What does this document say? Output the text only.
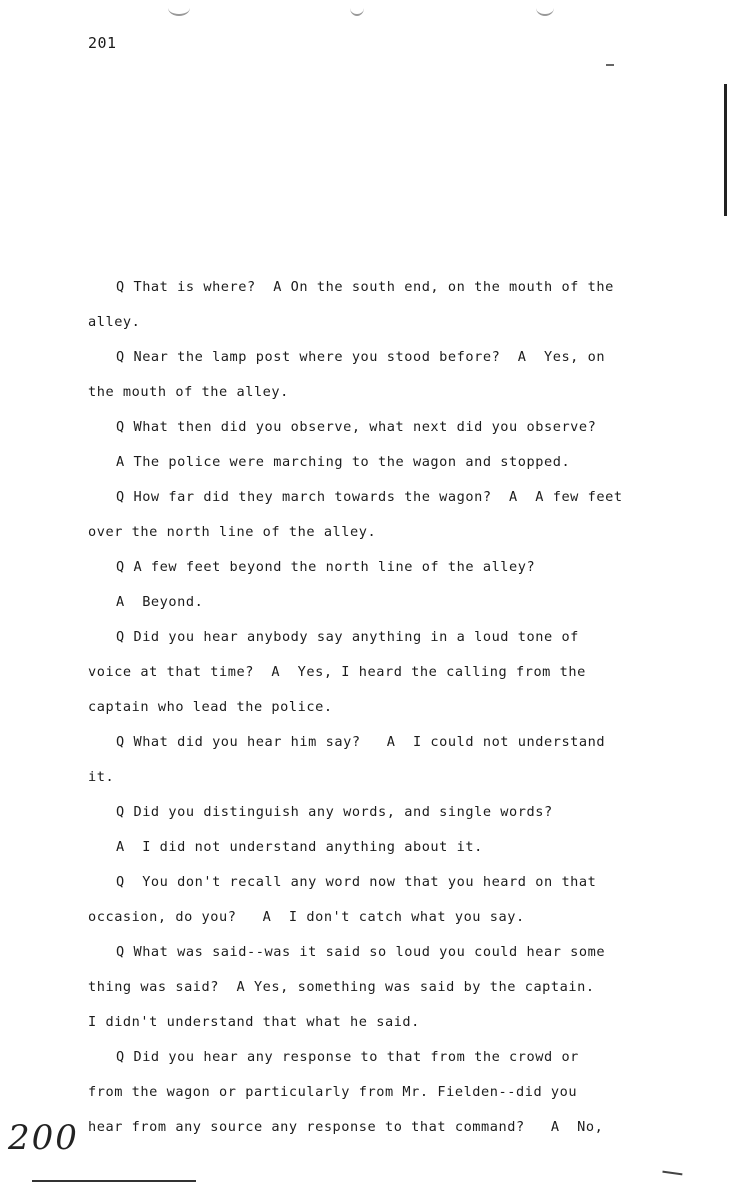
201
Q That is where?  A On the south end, on the mouth of the
alley.
Q Near the lamp post where you stood before?  A  Yes, on
the mouth of the alley.
Q What then did you observe, what next did you observe?
A The police were marching to the wagon and stopped.
Q How far did they march towards the wagon?  A  A few feet
over the north line of the alley.
Q A few feet beyond the north line of the alley?
A  Beyond.
Q Did you hear anybody say anything in a loud tone of
voice at that time?  A  Yes, I heard the calling from the
captain who lead the police.
Q What did you hear him say?   A  I could not understand
it.
Q Did you distinguish any words, and single words?
A  I did not understand anything about it.
Q  You don't recall any word now that you heard on that
occasion, do you?   A  I don't catch what you say.
Q What was said--was it said so loud you could hear some
thing was said?  A Yes, something was said by the captain.
I didn't understand that what he said.
Q Did you hear any response to that from the crowd or
from the wagon or particularly from Mr. Fielden--did you
hear from any source any response to that command?   A  No,
200
